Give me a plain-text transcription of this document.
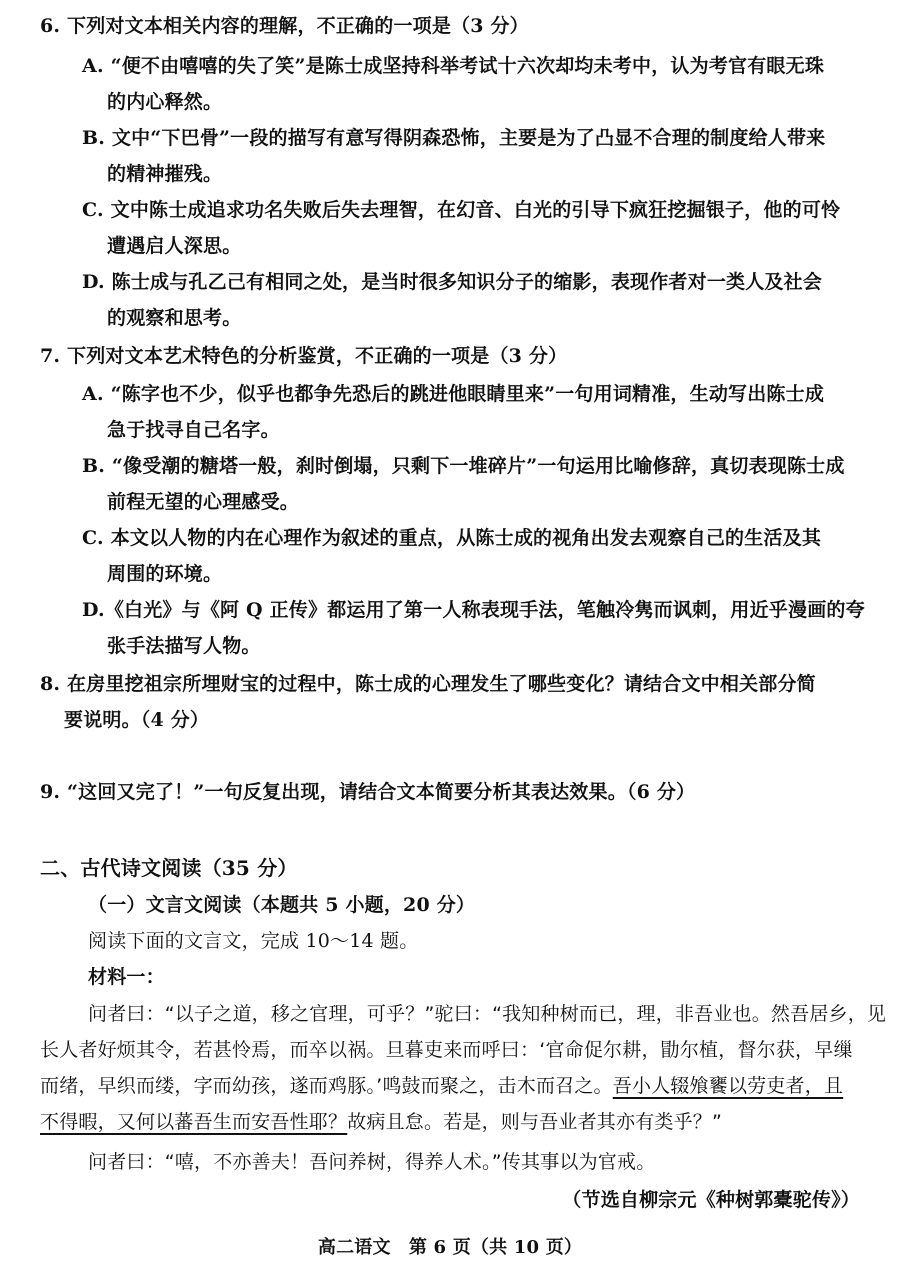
6. 下列对文本相关内容的理解，不正确的一项是（3 分）
A. “便不由嘻嘻的失了笑”是陈士成坚持科举考试十六次却均未考中，认为考官有眼无珠
的内心释然。
B. 文中“下巴骨”一段的描写有意写得阴森恐怖，主要是为了凸显不合理的制度给人带来
的精神摧残。
C. 文中陈士成追求功名失败后失去理智，在幻音、白光的引导下疯狂挖掘银子，他的可怜
遭遇启人深思。
D. 陈士成与孔乙己有相同之处，是当时很多知识分子的缩影，表现作者对一类人及社会
的观察和思考。
7. 下列对文本艺术特色的分析鉴赏，不正确的一项是（3 分）
A. “陈字也不少，似乎也都争先恐后的跳进他眼睛里来”一句用词精准，生动写出陈士成
急于找寻自己名字。
B. “像受潮的糖塔一般，刹时倒塌，只剩下一堆碎片”一句运用比喻修辞，真切表现陈士成
前程无望的心理感受。
C. 本文以人物的内在心理作为叙述的重点，从陈士成的视角出发去观察自己的生活及其
周围的环境。
D.《白光》与《阿 Q 正传》都运用了第一人称表现手法，笔触冷隽而讽刺，用近乎漫画的夸
张手法描写人物。
8. 在房里挖祖宗所埋财宝的过程中，陈士成的心理发生了哪些变化？请结合文中相关部分简
要说明。（4 分）
9. “这回又完了！”一句反复出现，请结合文本简要分析其表达效果。（6 分）
二、古代诗文阅读（35 分）
（一）文言文阅读（本题共 5 小题，20 分）
阅读下面的文言文，完成 10～14 题。
材料一：
问者曰：“以子之道，移之官理，可乎？”驼曰：“我知种树而已，理，非吾业也。然吾居乡，见
长人者好烦其令，若甚怜焉，而卒以祸。旦暮吏来而呼曰：‘官命促尔耕，勖尔植，督尔获，早缫
而绪，早织而缕，字而幼孩，遂而鸡豚。’鸣鼓而聚之，击木而召之。吾小人辍飧饔以劳吏者，且
不得暇，又何以蕃吾生而安吾性耶？故病且怠。若是，则与吾业者其亦有类乎？”
问者曰：“嘻，不亦善夫！吾问养树，得养人术。”传其事以为官戒。
（节选自柳宗元《种树郭橐驼传》）
高二语文　第 6 页（共 10 页）
